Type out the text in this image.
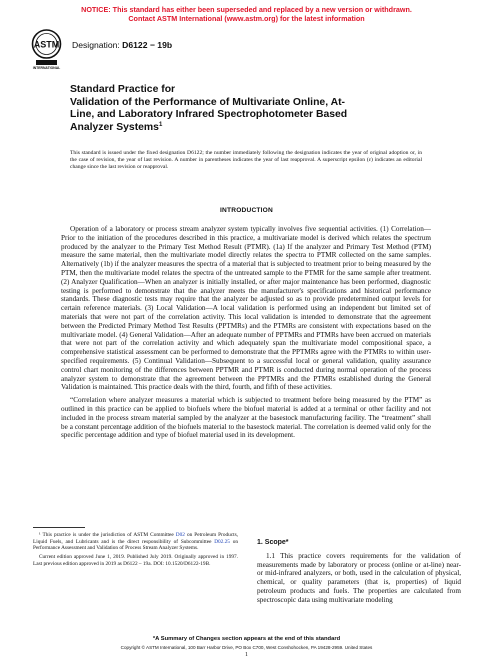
NOTICE: This standard has either been superseded and replaced by a new version or withdrawn.
Contact ASTM International (www.astm.org) for the latest information
ASTM
INTERNATIONAL
Designation: D6122 − 19b
Standard Practice for
Validation of the Performance of Multivariate Online, At-
Line, and Laboratory Infrared Spectrophotometer Based
Analyzer Systems$^1$
This standard is issued under the fixed designation D6122; the number immediately following the designation indicates the year of original adoption or, in the case of revision, the year of last revision. A number in parentheses indicates the year of last reapproval. A superscript epsilon (ε) indicates an editorial change since the last revision or reapproval.
INTRODUCTION

Operation of a laboratory or process stream analyzer system typically involves five sequential activities. (1) Correlation—Prior to the initiation of the procedures described in this practice, a multivariate model is derived which relates the spectrum produced by the analyzer to the Primary Test Method Result (PTMR). (1a) If the analyzer and Primary Test Method (PTM) measure the same material, then the multivariate model directly relates the spectra to PTMR collected on the same samples. Alternatively (1b) if the analyzer measures the spectra of a material that is subjected to treatment prior to being measured by the PTM, then the multivariate model relates the spectra of the untreated sample to the PTMR for the same sample after treatment. (2) Analyzer Qualification—When an analyzer is initially installed, or after major maintenance has been performed, diagnostic testing is performed to demonstrate that the analyzer meets the manufacturer's specifications and historical performance standards. These diagnostic tests may require that the analyzer be adjusted so as to provide predetermined output levels for certain reference materials. (3) Local Validation—A local validation is performed using an independent but limited set of materials that were not part of the correlation activity. This local validation is intended to demonstrate that the agreement between the Predicted Primary Method Test Results (PPTMRs) and the PTMRs are consistent with expectations based on the multivariate model. (4) General Validation—After an adequate number of PPTMRs and PTMRs have been accrued on materials that were not part of the correlation activity and which adequately span the multivariate model compositional space, a comprehensive statistical assessment can be performed to demonstrate that the PPTMRs agree with the PTMRs to within user-specified requirements. (5) Continual Validation—Subsequent to a successful local or general validation, quality assurance control chart monitoring of the differences between PPTMR and PTMR is conducted during normal operation of the process analyzer system to demonstrate that the agreement between the PPTMRs and the PTMRs established during the General Validation is maintained. This practice deals with the third, fourth, and fifth of these activities.

“Correlation where analyzer measures a material which is subjected to treatment before being measured by the PTM” as outlined in this practice can be applied to biofuels where the biofuel material is added at a terminal or other facility and not included in the process stream material sampled by the analyzer at the basestock manufacturing facility. The “treatment” shall be a constant percentage addition of the biofuels material to the basestock material. The correlation is deemed valid only for the specific percentage addition and type of biofuel material used in its development.

¹ This practice is under the jurisdiction of ASTM Committee D02 on Petroleum Products, Liquid Fuels, and Lubricants and is the direct responsibility of Subcommittee D02.25 on Performance Assessment and Validation of Process Stream Analyzer Systems.

Current edition approved June 1, 2019. Published July 2019. Originally approved in 1997. Last previous edition approved in 2019 as D6122 – 19a. DOI: 10.1520/D6122-19B.

1. Scope*

1.1 This practice covers requirements for the validation of measurements made by laboratory or process (online or at-line) near- or mid-infrared analyzers, or both, used in the calculation of physical, chemical, or quality parameters (that is, properties) of liquid petroleum products and fuels. The properties are calculated from spectroscopic data using multivariate modeling

*A Summary of Changes section appears at the end of this standard
Copyright © ASTM International, 100 Barr Harbor Drive, PO Box C700, West Conshohocken, PA 19428-2959. United States
1
